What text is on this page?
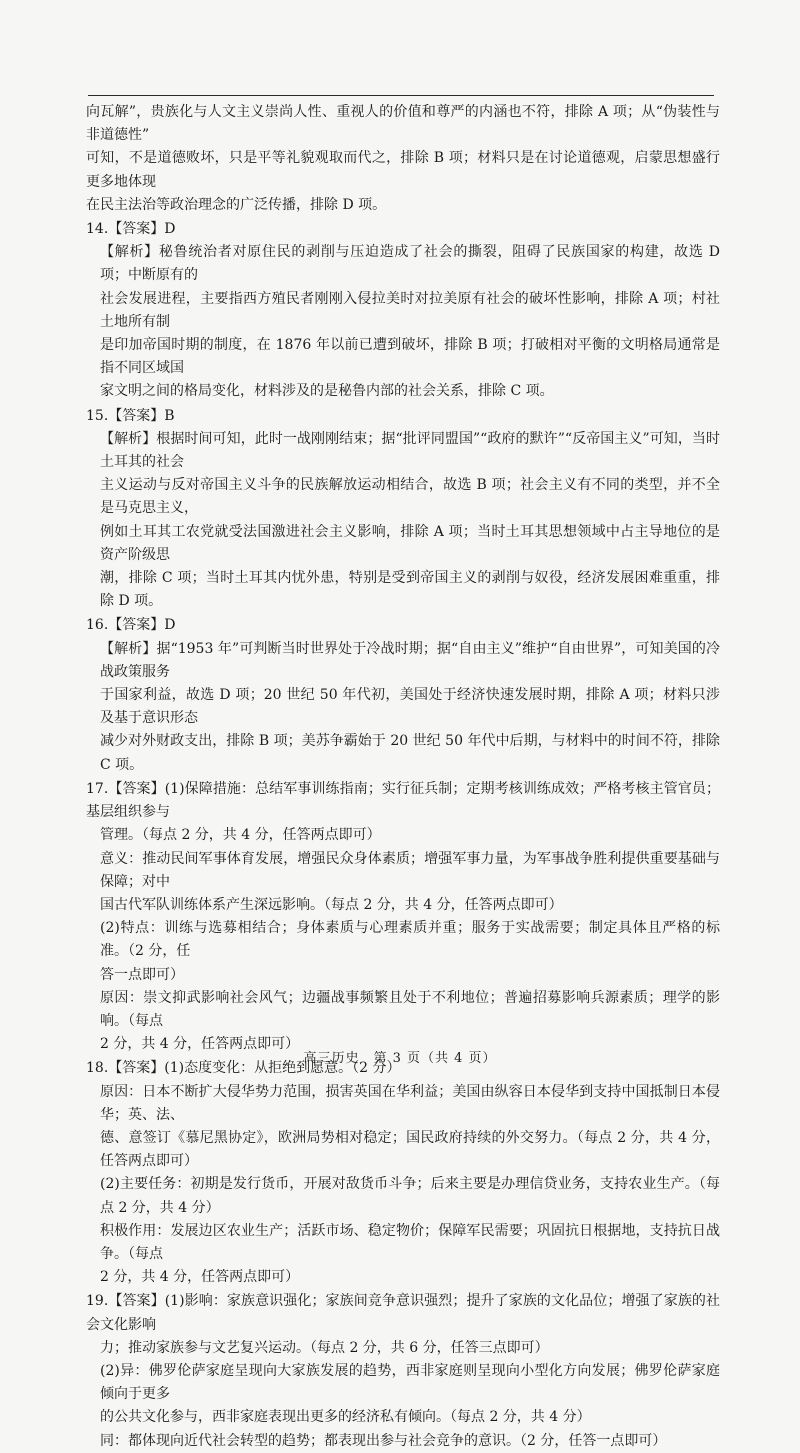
向瓦解”，贵族化与人文主义崇尚人性、重视人的价值和尊严的内涵也不符，排除 A 项；从“伪装性与非道德性”

可知，不是道德败坏，只是平等礼貌观取而代之，排除 B 项；材料只是在讨论道德观，启蒙思想盛行更多地体现

在民主法治等政治理念的广泛传播，排除 D 项。

14.【答案】D

【解析】秘鲁统治者对原住民的剥削与压迫造成了社会的撕裂，阻碍了民族国家的构建，故选 D 项；中断原有的

社会发展进程，主要指西方殖民者刚刚入侵拉美时对拉美原有社会的破坏性影响，排除 A 项；村社土地所有制

是印加帝国时期的制度，在 1876 年以前已遭到破坏，排除 B 项；打破相对平衡的文明格局通常是指不同区域国

家文明之间的格局变化，材料涉及的是秘鲁内部的社会关系，排除 C 项。

15.【答案】B

【解析】根据时间可知，此时一战刚刚结束；据“批评同盟国”“政府的默许”“反帝国主义”可知，当时土耳其的社会

主义运动与反对帝国主义斗争的民族解放运动相结合，故选 B 项；社会主义有不同的类型，并不全是马克思主义，

例如土耳其工农党就受法国激进社会主义影响，排除 A 项；当时土耳其思想领域中占主导地位的是资产阶级思

潮，排除 C 项；当时土耳其内忧外患，特别是受到帝国主义的剥削与奴役，经济发展困难重重，排除 D 项。

16.【答案】D

【解析】据“1953 年”可判断当时世界处于冷战时期；据“自由主义”维护“自由世界”，可知美国的冷战政策服务

于国家利益，故选 D 项；20 世纪 50 年代初，美国处于经济快速发展时期，排除 A 项；材料只涉及基于意识形态

减少对外财政支出，排除 B 项；美苏争霸始于 20 世纪 50 年代中后期，与材料中的时间不符，排除 C 项。

17.【答案】(1)保障措施：总结军事训练指南；实行征兵制；定期考核训练成效；严格考核主管官员；基层组织参与

管理。（每点 2 分，共 4 分，任答两点即可）

意义：推动民间军事体育发展，增强民众身体素质；增强军事力量，为军事战争胜利提供重要基础与保障；对中

国古代军队训练体系产生深远影响。（每点 2 分，共 4 分，任答两点即可）

(2)特点：训练与选募相结合；身体素质与心理素质并重；服务于实战需要；制定具体且严格的标准。（2 分，任

答一点即可）

原因：崇文抑武影响社会风气；边疆战事频繁且处于不利地位；普遍招募影响兵源素质；理学的影响。（每点

2 分，共 4 分，任答两点即可）

18.【答案】(1)态度变化：从拒绝到愿意。（2 分）

原因：日本不断扩大侵华势力范围，损害英国在华利益；美国由纵容日本侵华到支持中国抵制日本侵华；英、法、

德、意签订《慕尼黑协定》，欧洲局势相对稳定；国民政府持续的外交努力。（每点 2 分，共 4 分，任答两点即可）

(2)主要任务：初期是发行货币，开展对敌货币斗争；后来主要是办理信贷业务，支持农业生产。（每点 2 分，共 4 分）

积极作用：发展边区农业生产；活跃市场、稳定物价；保障军民需要；巩固抗日根据地，支持抗日战争。（每点

2 分，共 4 分，任答两点即可）

19.【答案】(1)影响：家族意识强化；家族间竞争意识强烈；提升了家族的文化品位；增强了家族的社会文化影响

力；推动家族参与文艺复兴运动。（每点 2 分，共 6 分，任答三点即可）

(2)异：佛罗伦萨家庭呈现向大家族发展的趋势，西非家庭则呈现向小型化方向发展；佛罗伦萨家庭倾向于更多

的公共文化参与，西非家庭表现出更多的经济私有倾向。（每点 2 分，共 4 分）

同：都体现向近代社会转型的趋势；都表现出参与社会竞争的意识。（2 分，任答一点即可）

高三历史　第 3 页（共 4 页）
